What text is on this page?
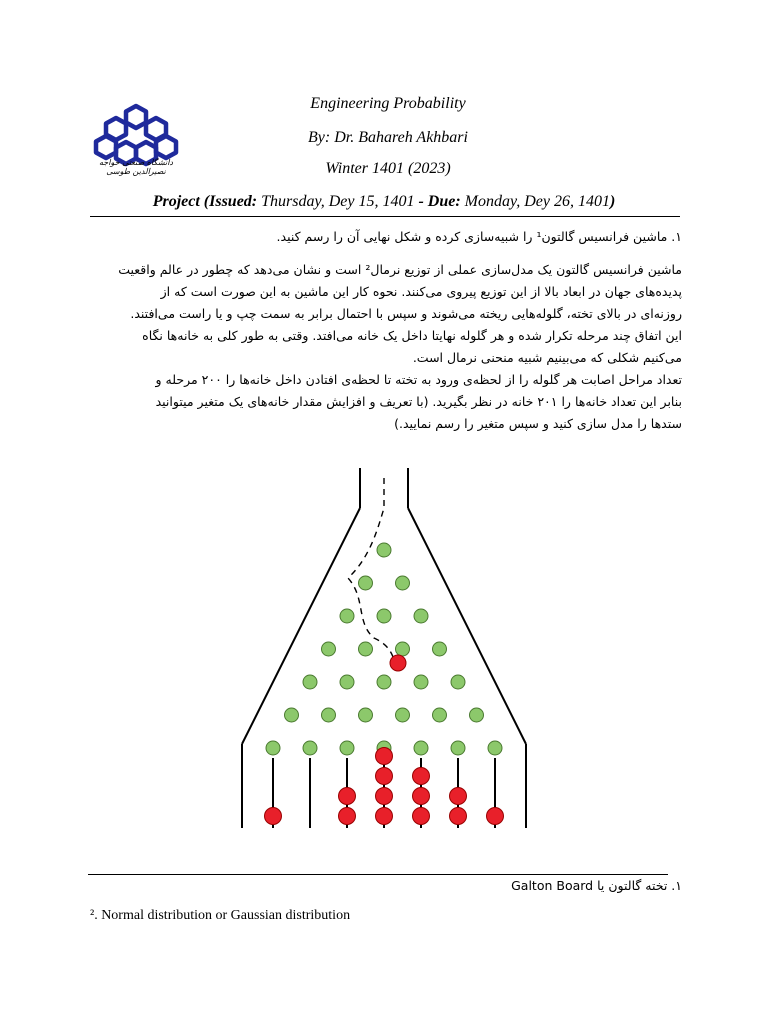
دانشگاه صنعتی خواجه نصیرالدین طوسی
Engineering Probability
By: Dr. Bahareh Akhbari
Winter 1401 (2023)
Project (Issued: Thursday, Dey 15, 1401 - Due: Monday, Dey 26, 1401)
۱. ماشین فرانسیس گالتون¹ را شبیه‌سازی کرده و شکل نهایی آن را رسم کنید.
ماشین فرانسیس گالتون یک مدل‌سازی عملی از توزیع نرمال² است و نشان می‌دهد که چطور در عالم واقعیت
پدیده‌های جهان در ابعاد بالا از این توزیع پیروی می‌کنند. نحوه کار این ماشین به این صورت است که از
روزنه‌ای در بالای تخته، گلوله‌هایی ریخته می‌شوند و سپس با احتمال برابر به سمت چپ و یا راست می‌افتند.
این اتفاق چند مرحله تکرار شده و هر گلوله نهایتا داخل یک خانه می‌افتد. وقتی به طور کلی به خانه‌ها نگاه
می‌کنیم شکلی که می‌بینیم شبیه منحنی نرمال است.
تعداد مراحل اصابت هر گلوله را از لحظه‌ی ورود به تخته تا لحظه‌ی افتادن داخل خانه‌ها را ۲۰۰ مرحله و
بنابر این تعداد خانه‌ها را ۲۰۱ خانه در نظر بگیرید. (با تعریف و افزایش مقدار خانه‌های یک متغیر میتوانید
ستدها را مدل سازی کنید و سپس متغیر را رسم نمایید.)
۱. تخته گالتون یا Galton Board
². Normal distribution or Gaussian distribution
